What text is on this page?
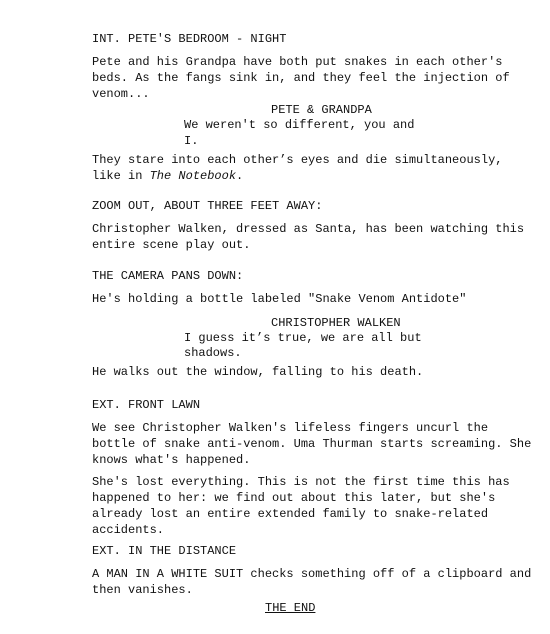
INT. PETE'S BEDROOM - NIGHT
Pete and his Grandpa have both put snakes in each other's
beds. As the fangs sink in, and they feel the injection of
venom...
PETE & GRANDPA
We weren't so different, you and
I.
They stare into each other’s eyes and die simultaneously,
like in The Notebook.
ZOOM OUT, ABOUT THREE FEET AWAY:
Christopher Walken, dressed as Santa, has been watching this
entire scene play out.
THE CAMERA PANS DOWN:
He's holding a bottle labeled "Snake Venom Antidote"
CHRISTOPHER WALKEN
I guess it’s true, we are all but
shadows.
He walks out the window, falling to his death.
EXT. FRONT LAWN
We see Christopher Walken's lifeless fingers uncurl the
bottle of snake anti-venom. Uma Thurman starts screaming. She
knows what's happened.
She's lost everything. This is not the first time this has
happened to her: we find out about this later, but she's
already lost an entire extended family to snake-related
accidents.
EXT. IN THE DISTANCE
A MAN IN A WHITE SUIT checks something off of a clipboard and
then vanishes.
THE END
